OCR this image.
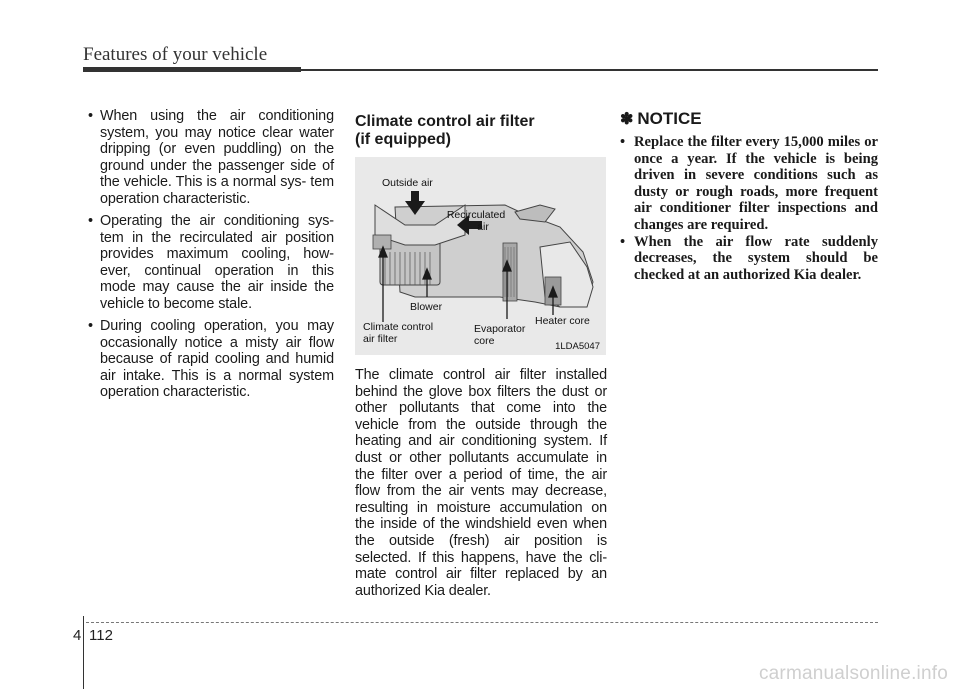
Features of your vehicle
• When using the air conditioning system, you may notice clear water dripping (or even puddling) on the ground under the passenger side of the vehicle. This is a normal sys- tem operation characteristic.
• Operating the air conditioning sys- tem in the recirculated air position provides maximum cooling, how- ever, continual operation in this mode may cause the air inside the vehicle to become stale.
• During cooling operation, you may occasionally notice a misty air flow because of rapid cooling and humid air intake. This is a normal system operation characteristic.
Climate control air filter
(if equipped)
Outside air
Recirculated
air
Blower
Climate control
air filter
Evaporator
core
Heater core
1LDA5047
The climate control air filter installed behind the glove box filters the dust or other pollutants that come into the vehicle from the outside through the heating and air conditioning system. If dust or other pollutants accumulate in the filter over a period of time, the air flow from the air vents may decrease, resulting in moisture accumulation on the inside of the windshield even when the outside (fresh) air position is selected. If this happens, have the cli- mate control air filter replaced by an authorized Kia dealer.
✽ NOTICE
• Replace the filter every 15,000 miles or once a year. If the vehicle is being driven in severe conditions such as dusty or rough roads, more frequent air conditioner filter inspections and changes are required.
• When the air flow rate suddenly decreases, the system should be checked at an authorized Kia dealer.
4 112
carmanualsonline.info
